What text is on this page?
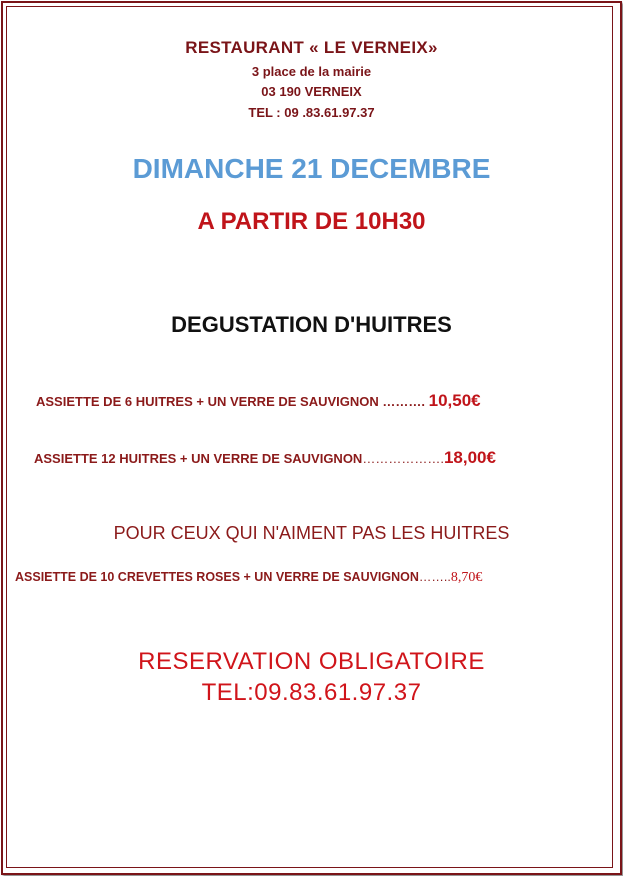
RESTAURANT « LE VERNEIX»
3 place de la mairie
03 190 VERNEIX
TEL : 09 .83.61.97.37
DIMANCHE 21 DECEMBRE
A PARTIR DE 10H30
DEGUSTATION D'HUITRES
ASSIETTE DE 6 HUITRES + UN VERRE DE SAUVIGNON ………. 10,50€
ASSIETTE 12 HUITRES + UN VERRE DE SAUVIGNON……………….18,00€
POUR CEUX QUI N'AIMENT PAS LES HUITRES
ASSIETTE DE 10 CREVETTES ROSES + UN VERRE DE SAUVIGNON……..8,70€
RESERVATION OBLIGATOIRE
TEL:09.83.61.97.37
